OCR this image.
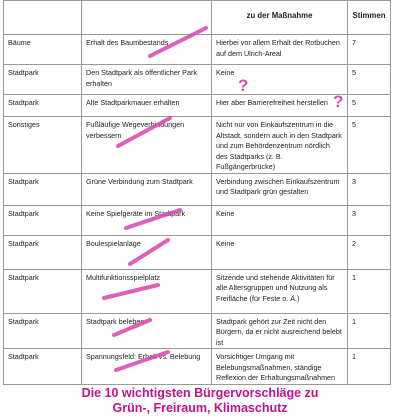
		zu der Maßnahme	Stimmen
Bäume	Erhalt des Baumbestands	Hierbei vor allem Erhalt der Rotbuchen auf dem Ulrich-Areal	7
Stadtpark	Den Stadtpark als öffentlicher Park erhalten	Keine	5
Stadtpark	Alte Stadtparkmauer erhalten	Hier aber Barrierefreiheit herstellen	5
Sonstiges	Fußläufige Wegeverbindungen verbessern	Nicht nur von Einkaufszentrum in die Altstadt, sondern auch in den Stadtpark und zum Behördenzentrum nördlich des Stadtparks (z. B. Fußgängerbrücke)	5
Stadtpark	Grüne Verbindung zum Stadtpark	Verbindung zwischen Einkaufszentrum und Stadtpark grün gestalten	3
Stadtpark	Keine Spielgeräte im Stadtpark	Keine	3
Stadtpark	Boulespielanlage	Keine	2
Stadtpark	Multifunktionsspielplatz	Sitzende und stehende Aktivitäten für alle Altersgruppen und Nutzung als Freifläche (für Feste o. Ä.)	1
Stadtpark	Stadtpark beleben	Stadtpark gehört zur Zeit nicht den Bürgern, da er nicht ausreichend belebt ist	1
Stadtpark	Spannungsfeld: Erhalt vs. Belebung	Vorsichtiger Umgang mit Belebungsmaßnahmen, ständige Reflexion der Erhaltungsmaßnahmen	1
?
?
Die 10 wichtigsten Bürgervorschläge zu
Grün-, Freiraum, Klimaschutz
